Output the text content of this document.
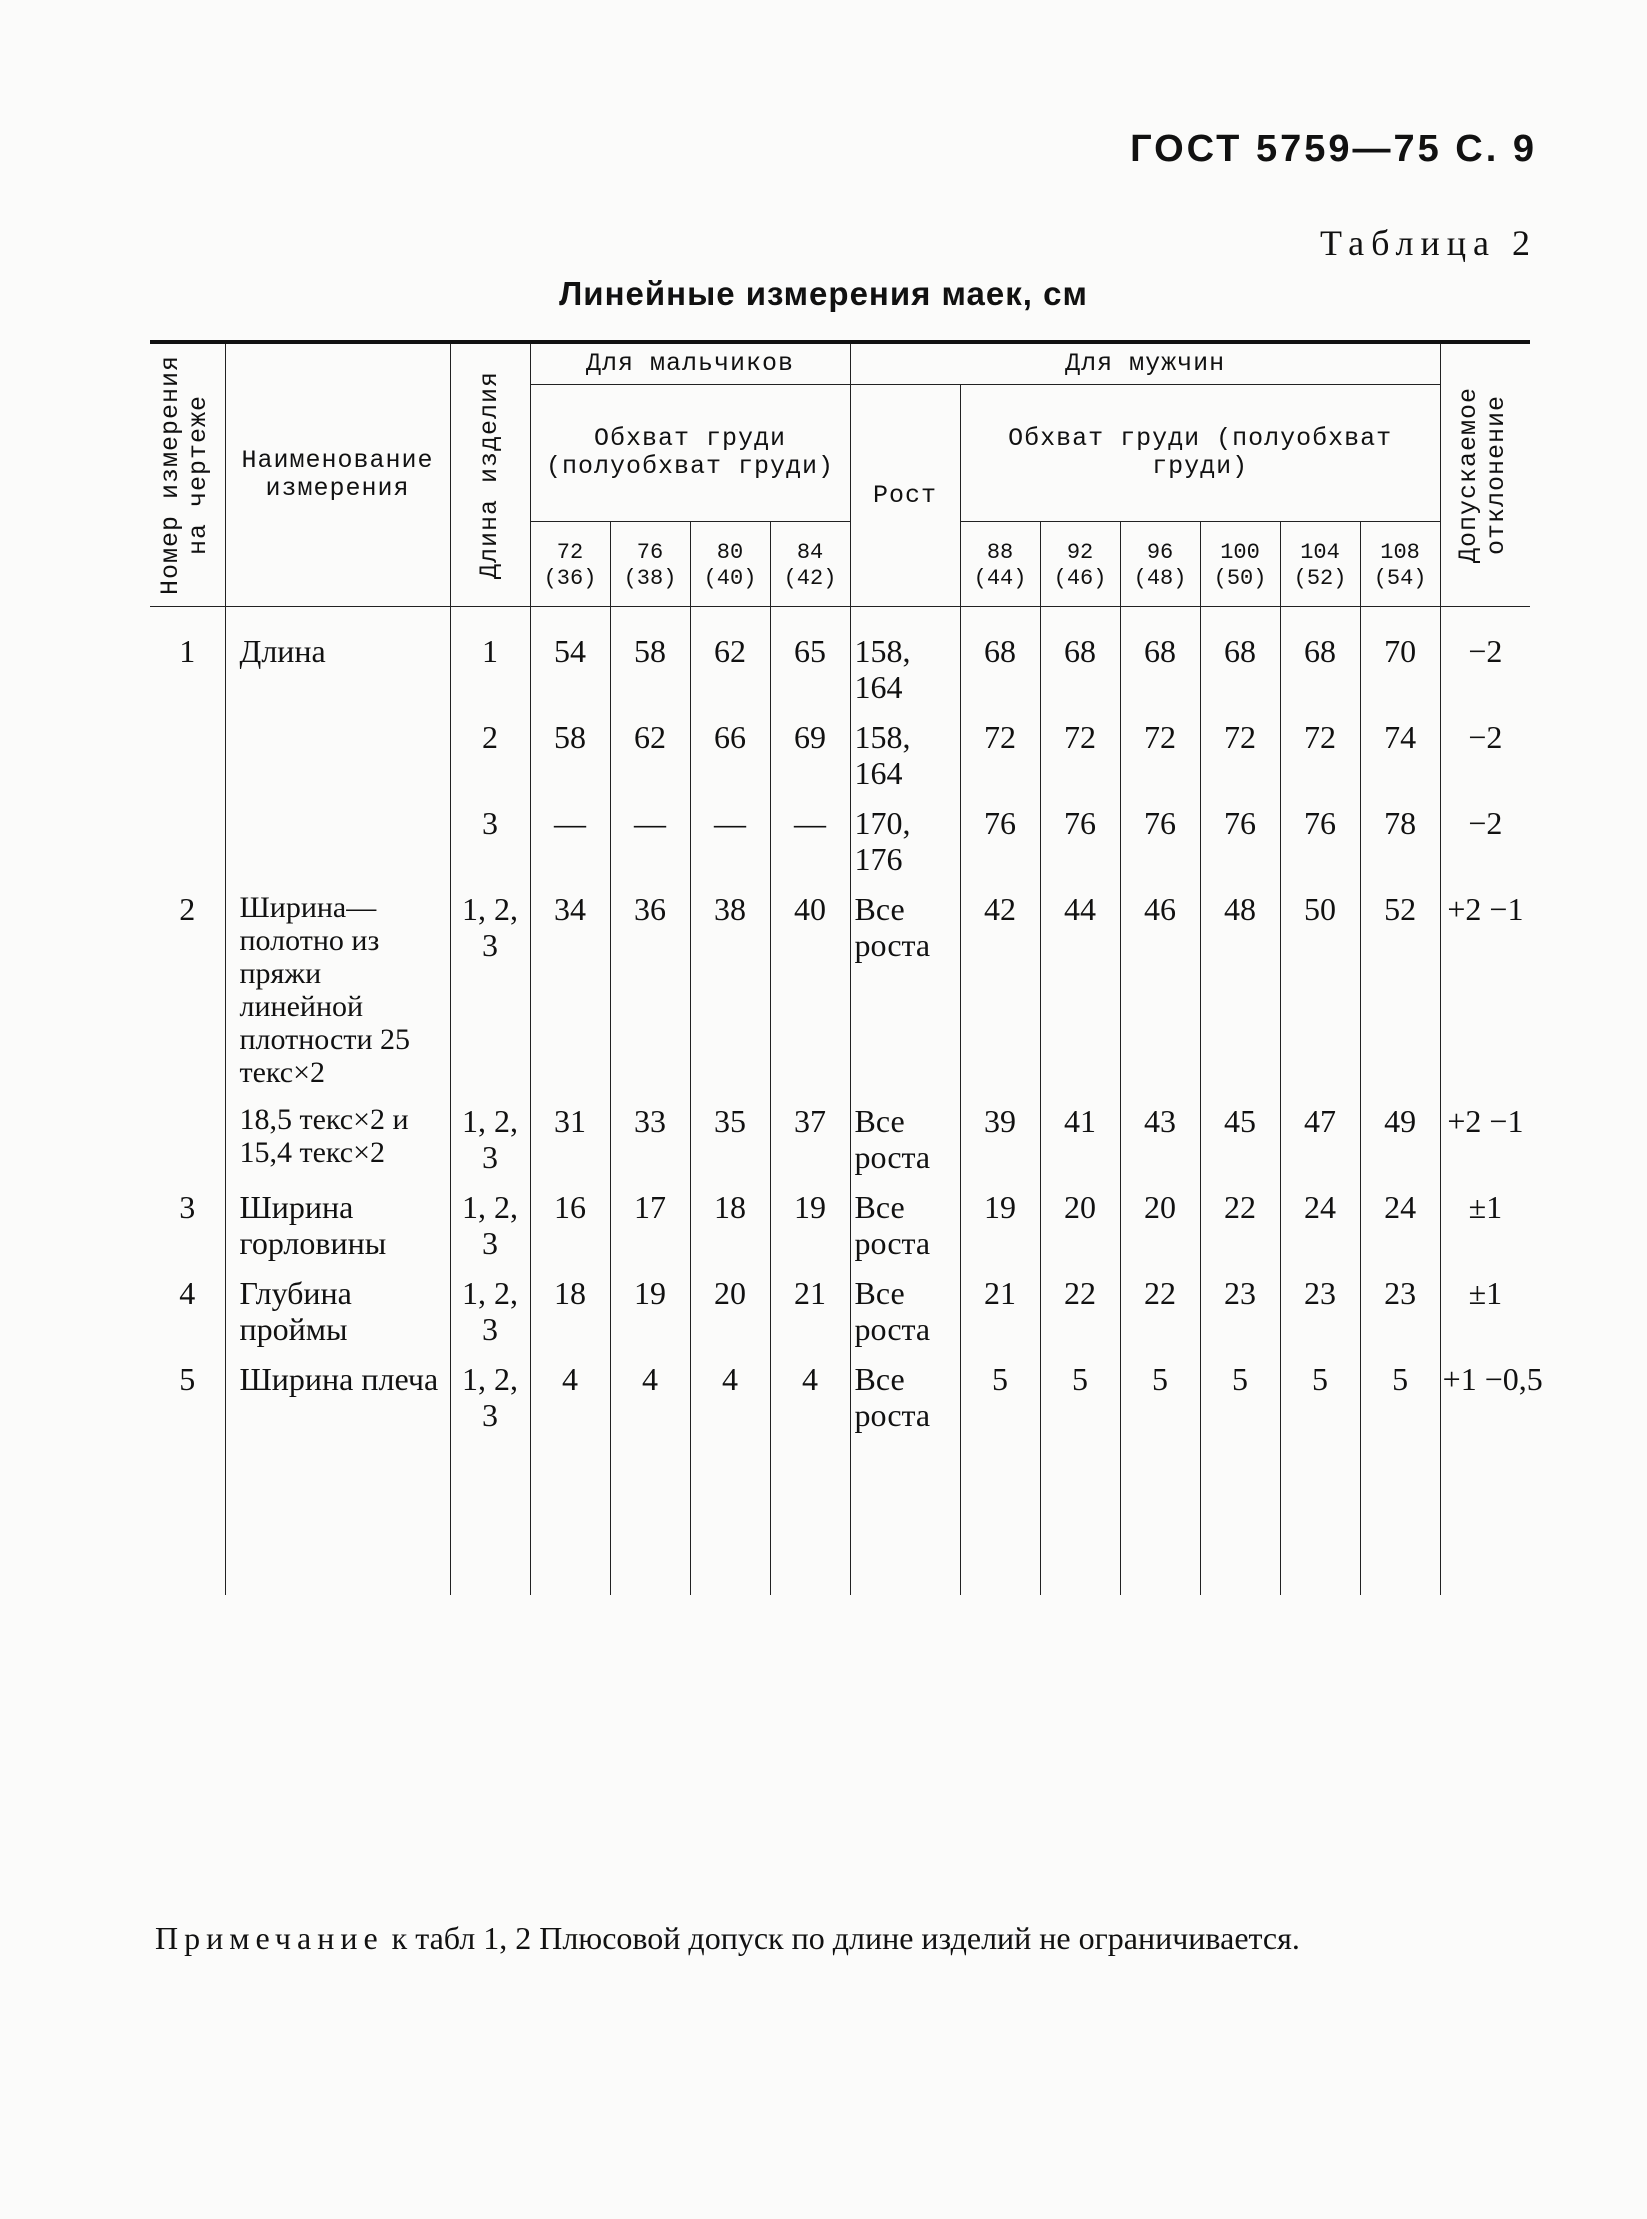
ГОСТ 5759—75 С. 9
Таблица 2
Линейные измерения маек, см
Номер измерения на чертеже	Наименование измерения	Длина изделия	Для мальчиков				Для мужчин							Допускаемое отклонение

			Обхват груди (полуобхват груди)				Рост	Обхват груди (полуобхват груди)						
			72 (36)	76 (38)	80 (40)	84 (42)		88 (44)	92 (46)	96 (48)	100 (50)	104 (52)	108 (54)	
1	Длина	1	54	58	62	65	158, 164	68	68	68	68	68	70	−2
		2	58	62	66	69	158, 164	72	72	72	72	72	74	−2
		3	—	—	—	—	170, 176	76	76	76	76	76	78	−2
2	Ширина—полотно из пряжи линейной плотности 25 текс×2	1, 2, 3	34	36	38	40	Все роста	42	44	46	48	50	52	+2 −1
	18,5 текс×2 и 15,4 текс×2	1, 2, 3	31	33	35	37	Все роста	39	41	43	45	47	49	+2 −1
3	Ширина горловины	1, 2, 3	16	17	18	19	Все роста	19	20	20	22	24	24	±1
4	Глубина проймы	1, 2, 3	18	19	20	21	Все роста	21	22	22	23	23	23	±1
5	Ширина плеча	1, 2, 3	4	4	4	4	Все роста	5	5	5	5	5	5	+1 −0,5

Примечание к табл 1, 2 Плюсовой допуск по длине изделий не ограничивается.
